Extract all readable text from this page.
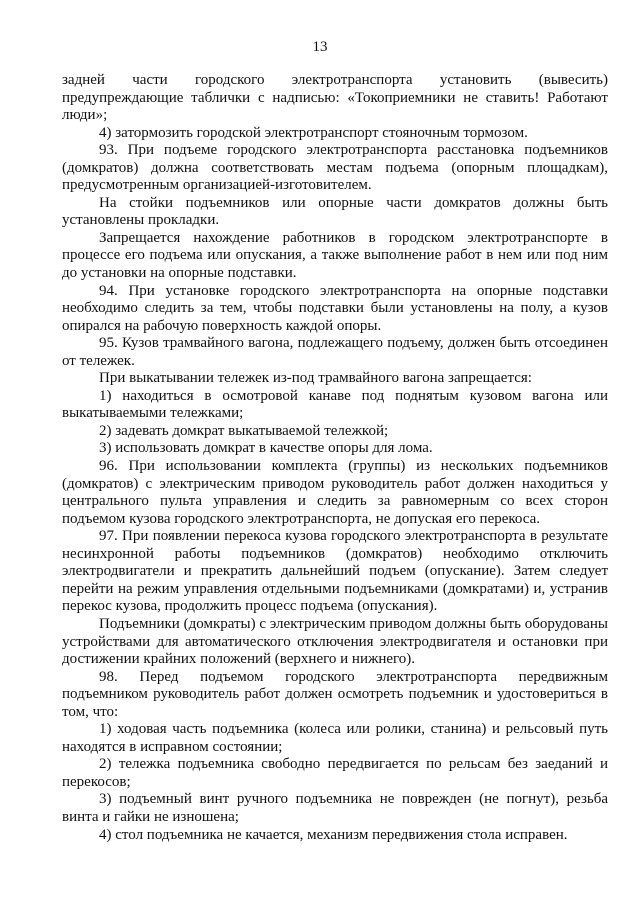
13

задней части городского электротранспорта установить (вывесить) предупреждающие таблички с надписью: «Токоприемники не ставить! Работают люди»;

4) затормозить городской электротранспорт стояночным тормозом.

93. При подъеме городского электротранспорта расстановка подъемников (домкратов) должна соответствовать местам подъема (опорным площадкам), предусмотренным организацией-изготовителем.

На стойки подъемников или опорные части домкратов должны быть установлены прокладки.

Запрещается нахождение работников в городском электротранспорте в процессе его подъема или опускания, а также выполнение работ в нем или под ним до установки на опорные подставки.

94. При установке городского электротранспорта на опорные подставки необходимо следить за тем, чтобы подставки были установлены на полу, а кузов опирался на рабочую поверхность каждой опоры.

95. Кузов трамвайного вагона, подлежащего подъему, должен быть отсоединен от тележек.

При выкатывании тележек из-под трамвайного вагона запрещается:

1) находиться в осмотровой канаве под поднятым кузовом вагона или выкатываемыми тележками;

2) задевать домкрат выкатываемой тележкой;

3) использовать домкрат в качестве опоры для лома.

96. При использовании комплекта (группы) из нескольких подъемников (домкратов) с электрическим приводом руководитель работ должен находиться у центрального пульта управления и следить за равномерным со всех сторон подъемом кузова городского электротранспорта, не допуская его перекоса.

97. При появлении перекоса кузова городского электротранспорта в результате несинхронной работы подъемников (домкратов) необходимо отключить электродвигатели и прекратить дальнейший подъем (опускание). Затем следует перейти на режим управления отдельными подъемниками (домкратами) и, устранив перекос кузова, продолжить процесс подъема (опускания).

Подъемники (домкраты) с электрическим приводом должны быть оборудованы устройствами для автоматического отключения электродвигателя и остановки при достижении крайних положений (верхнего и нижнего).

98. Перед подъемом городского электротранспорта передвижным подъемником руководитель работ должен осмотреть подъемник и удостовериться в том, что:

1) ходовая часть подъемника (колеса или ролики, станина) и рельсовый путь находятся в исправном состоянии;

2) тележка подъемника свободно передвигается по рельсам без заеданий и перекосов;

3) подъемный винт ручного подъемника не поврежден (не погнут), резьба винта и гайки не изношена;

4) стол подъемника не качается, механизм передвижения стола исправен.
